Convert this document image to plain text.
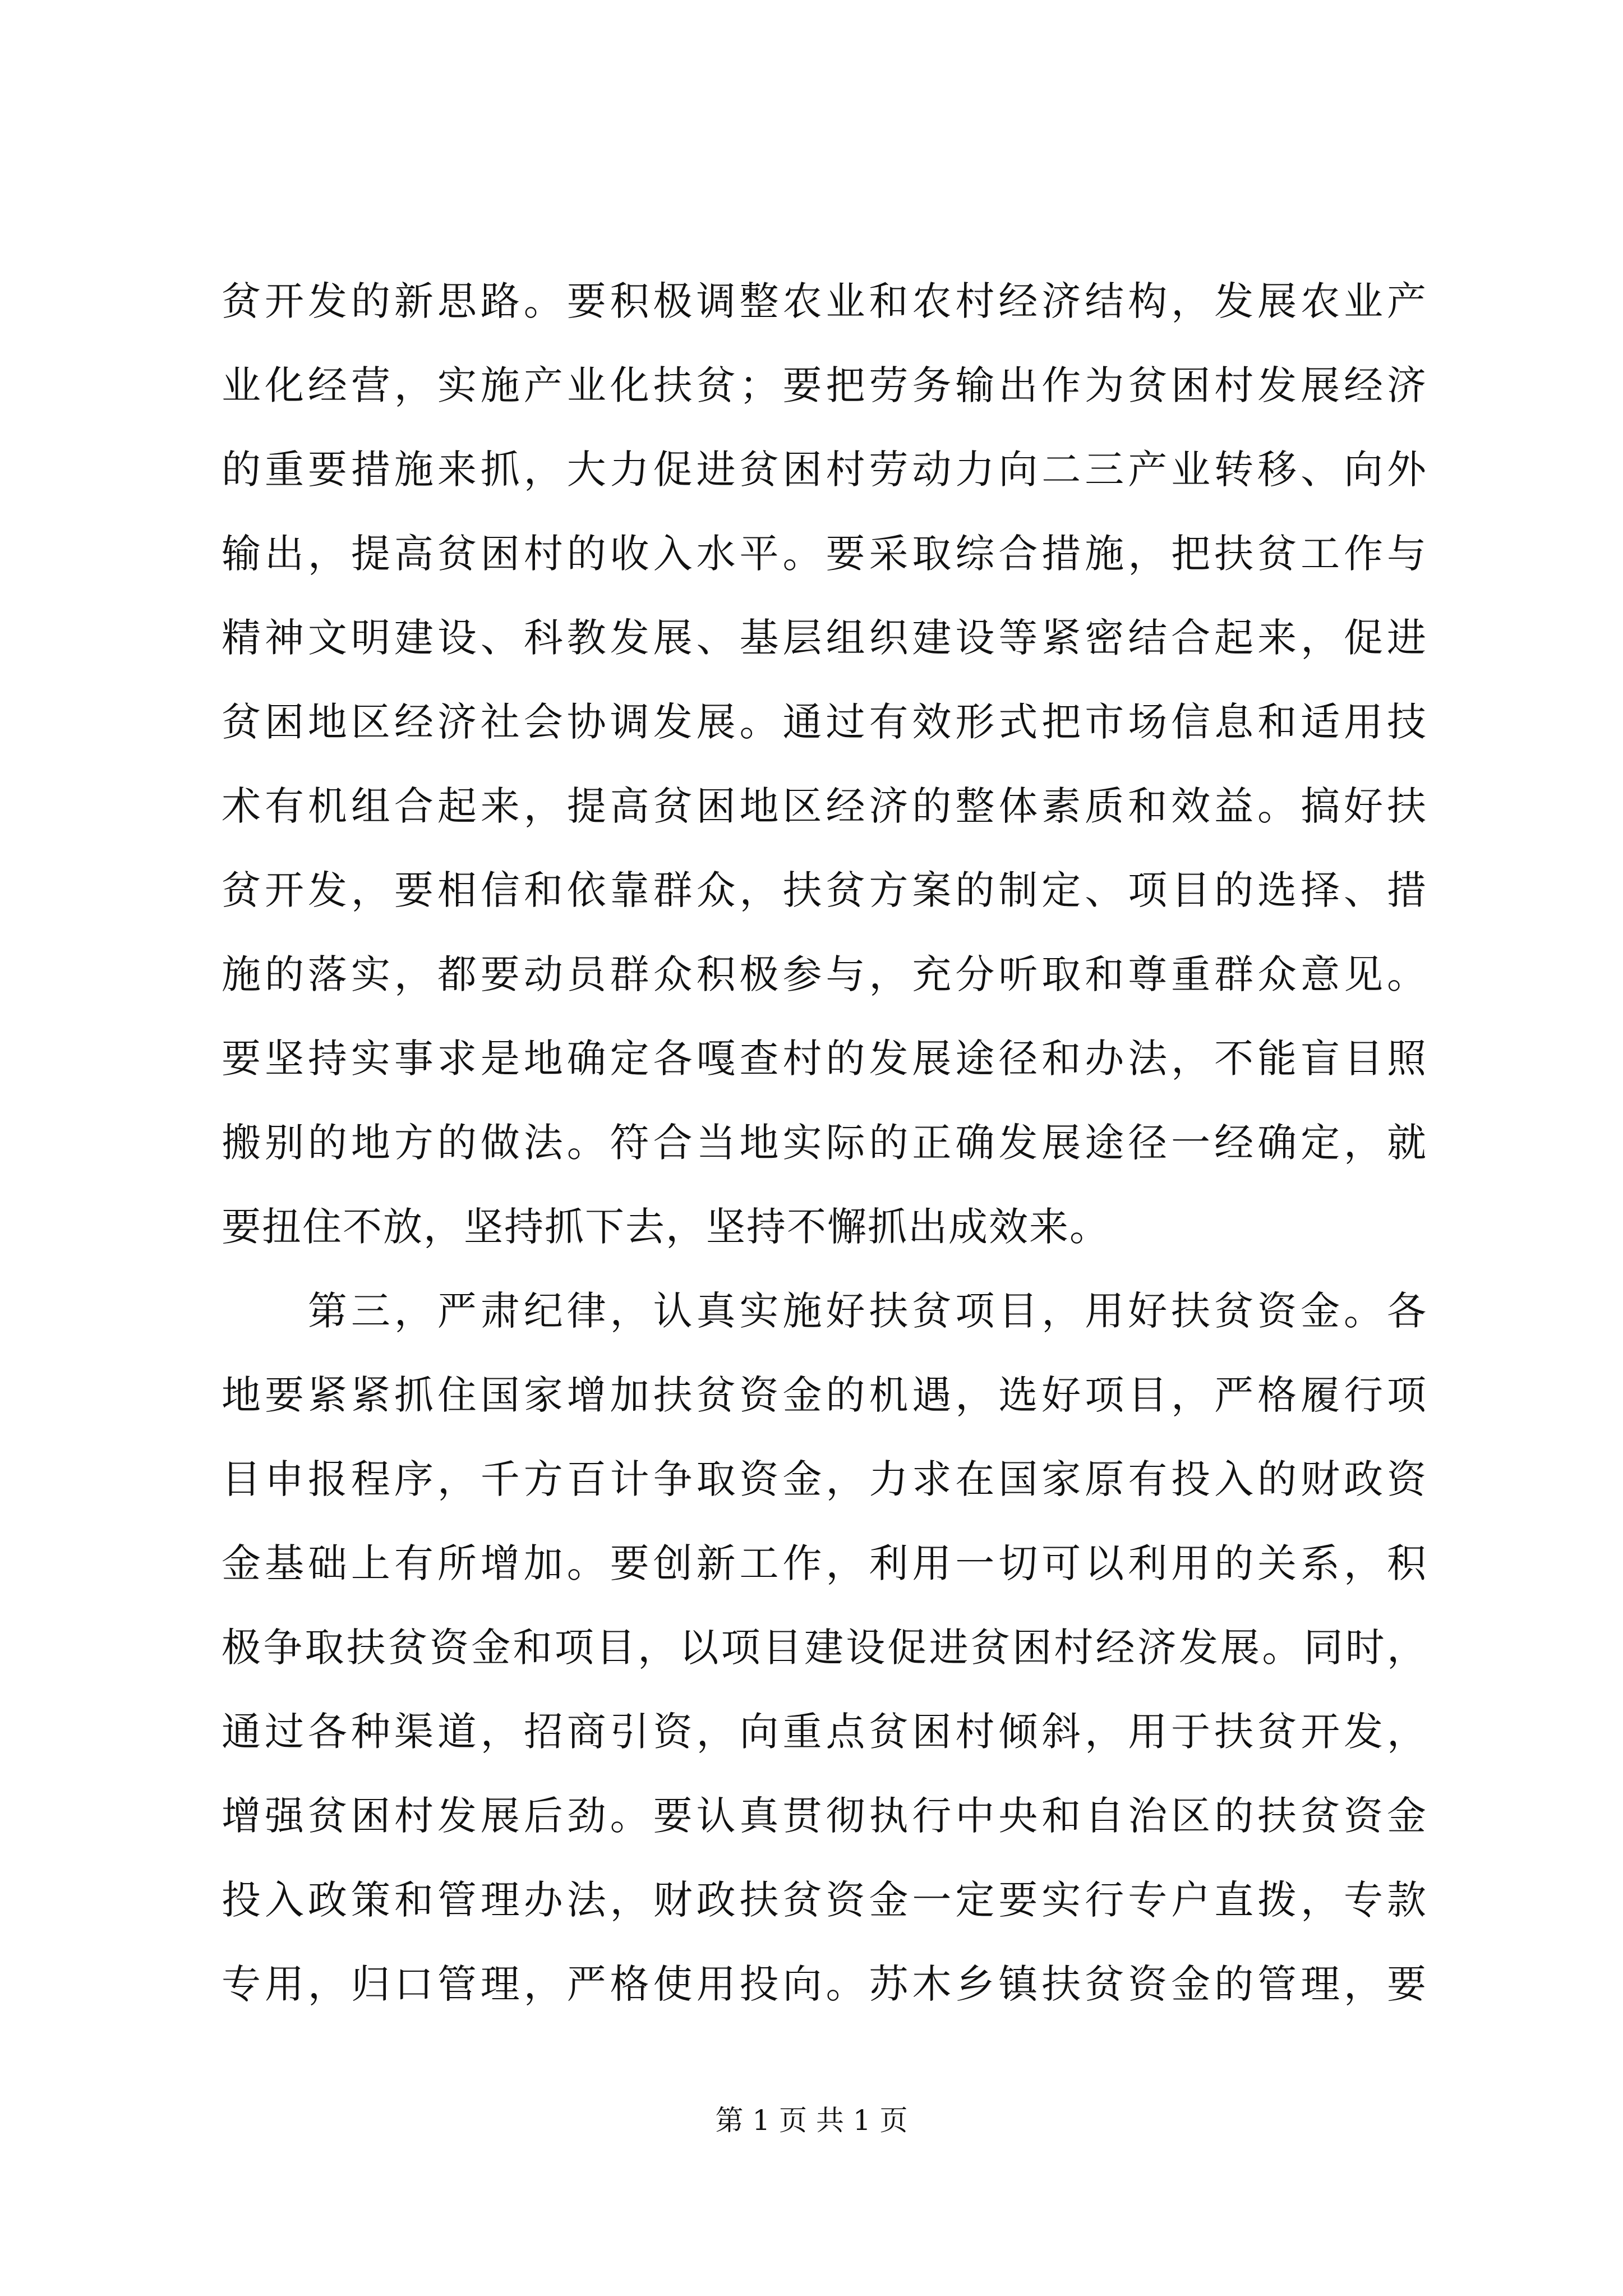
贫开发的新思路。要积极调整农业和农村经济结构，发展农业产
业化经营，实施产业化扶贫；要把劳务输出作为贫困村发展经济
的重要措施来抓，大力促进贫困村劳动力向二三产业转移、向外
输出，提高贫困村的收入水平。要采取综合措施，把扶贫工作与
精神文明建设、科教发展、基层组织建设等紧密结合起来，促进
贫困地区经济社会协调发展。通过有效形式把市场信息和适用技
术有机组合起来，提高贫困地区经济的整体素质和效益。搞好扶
贫开发，要相信和依靠群众，扶贫方案的制定、项目的选择、措
施的落实，都要动员群众积极参与，充分听取和尊重群众意见。
要坚持实事求是地确定各嘎查村的发展途径和办法，不能盲目照
搬别的地方的做法。符合当地实际的正确发展途径一经确定，就
要扭住不放，坚持抓下去，坚持不懈抓出成效来。
　　第三，严肃纪律，认真实施好扶贫项目，用好扶贫资金。各
地要紧紧抓住国家增加扶贫资金的机遇，选好项目，严格履行项
目申报程序，千方百计争取资金，力求在国家原有投入的财政资
金基础上有所增加。要创新工作，利用一切可以利用的关系，积
极争取扶贫资金和项目，以项目建设促进贫困村经济发展。同时，
通过各种渠道，招商引资，向重点贫困村倾斜，用于扶贫开发，
增强贫困村发展后劲。要认真贯彻执行中央和自治区的扶贫资金
投入政策和管理办法，财政扶贫资金一定要实行专户直拨，专款
专用，归口管理，严格使用投向。苏木乡镇扶贫资金的管理，要
第 1 页 共 1 页
